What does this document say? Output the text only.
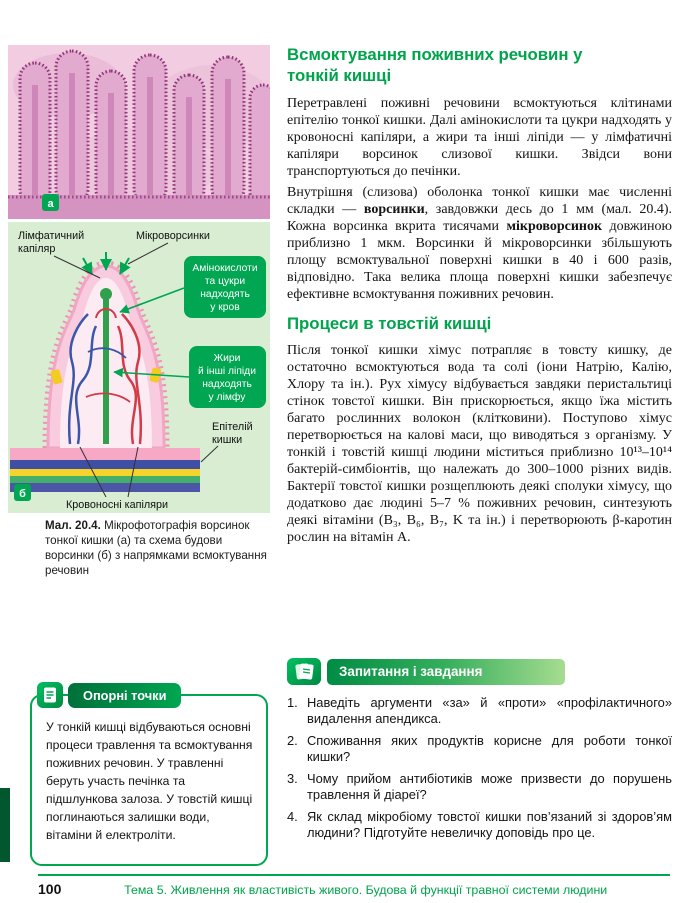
а
Лімфатичний
капіляр
Мікроворсинки
Амінокислоти
та цукри
надходять
у кров
Жири
й інші ліпіди
надходять
у лімфу
Епітелій
кишки
Кровоносні капіляри
б
Мал. 20.4. Мікрофотографія ворсинок тонкої кишки (а) та схема будови ворсинки (б) з напрямками всмоктування речовин
Опорні точки
У тонкій кишці відбуваються основні процеси травлення та всмоктування поживних речовин. У травленні беруть участь печінка та підшлункова залоза. У товстій кишці поглинаються залишки води, вітаміни й електроліти.
Всмоктування поживних речовин у тонкій кишці

Перетравлені поживні речовини всмоктуються клітинами епітелію тонкої кишки. Далі амінокислоти та цукри надходять у кровоносні капіляри, а жири та інші ліпіди — у лімфатичні капіляри ворсинок слизової кишки. Звідси вони транспортуються до печінки.

Внутрішня (слизова) оболонка тонкої кишки має численні складки — ворсинки, завдовжки десь до 1 мм (мал. 20.4). Кожна ворсинка вкрита тисячами мікроворсинок довжиною приблизно 1 мкм. Ворсинки й мікроворсинки збільшують площу всмоктувальної поверхні кишки в 40 і 600 разів, відповідно. Така велика площа поверхні кишки забезпечує ефективне всмоктування поживних речовин.

Процеси в товстій кишці

Після тонкої кишки хімус потрапляє в товсту кишку, де остаточно всмоктуються вода та солі (іони Натрію, Калію, Хлору та ін.). Рух хімусу відбувається завдяки перистальтиці стінок товстої кишки. Він прискорюється, якщо їжа містить багато рослинних волокон (клітковини). Поступово хімус перетворюється на калові маси, що виводяться з організму. У тонкій і товстій кишці людини міститься приблизно 10¹³–10¹⁴ бактерій-симбіонтів, що належать до 300–1000 різних видів. Бактерії товстої кишки розщеплюють деякі сполуки хімусу, що додатково дає людині 5–7 % поживних речовин, синтезують деякі вітаміни (B₃, B₆, B₇, K та ін.) і перетворюють β-каротин рослин на вітамін A.

Запитання і завдання
1. Наведіть аргументи «за» й «проти» «профілактичного» видалення апендикса.
2. Споживання яких продуктів корисне для роботи тонкої кишки?
3. Чому прийом антибіотиків може призвести до порушень травлення й діареї?
4. Як склад мікробіому товстої кишки пов’язаний зі здоров’ям людини? Підготуйте невеличку доповідь про це.
100	Тема 5. Живлення як властивість живого. Будова й функції травної системи людини
